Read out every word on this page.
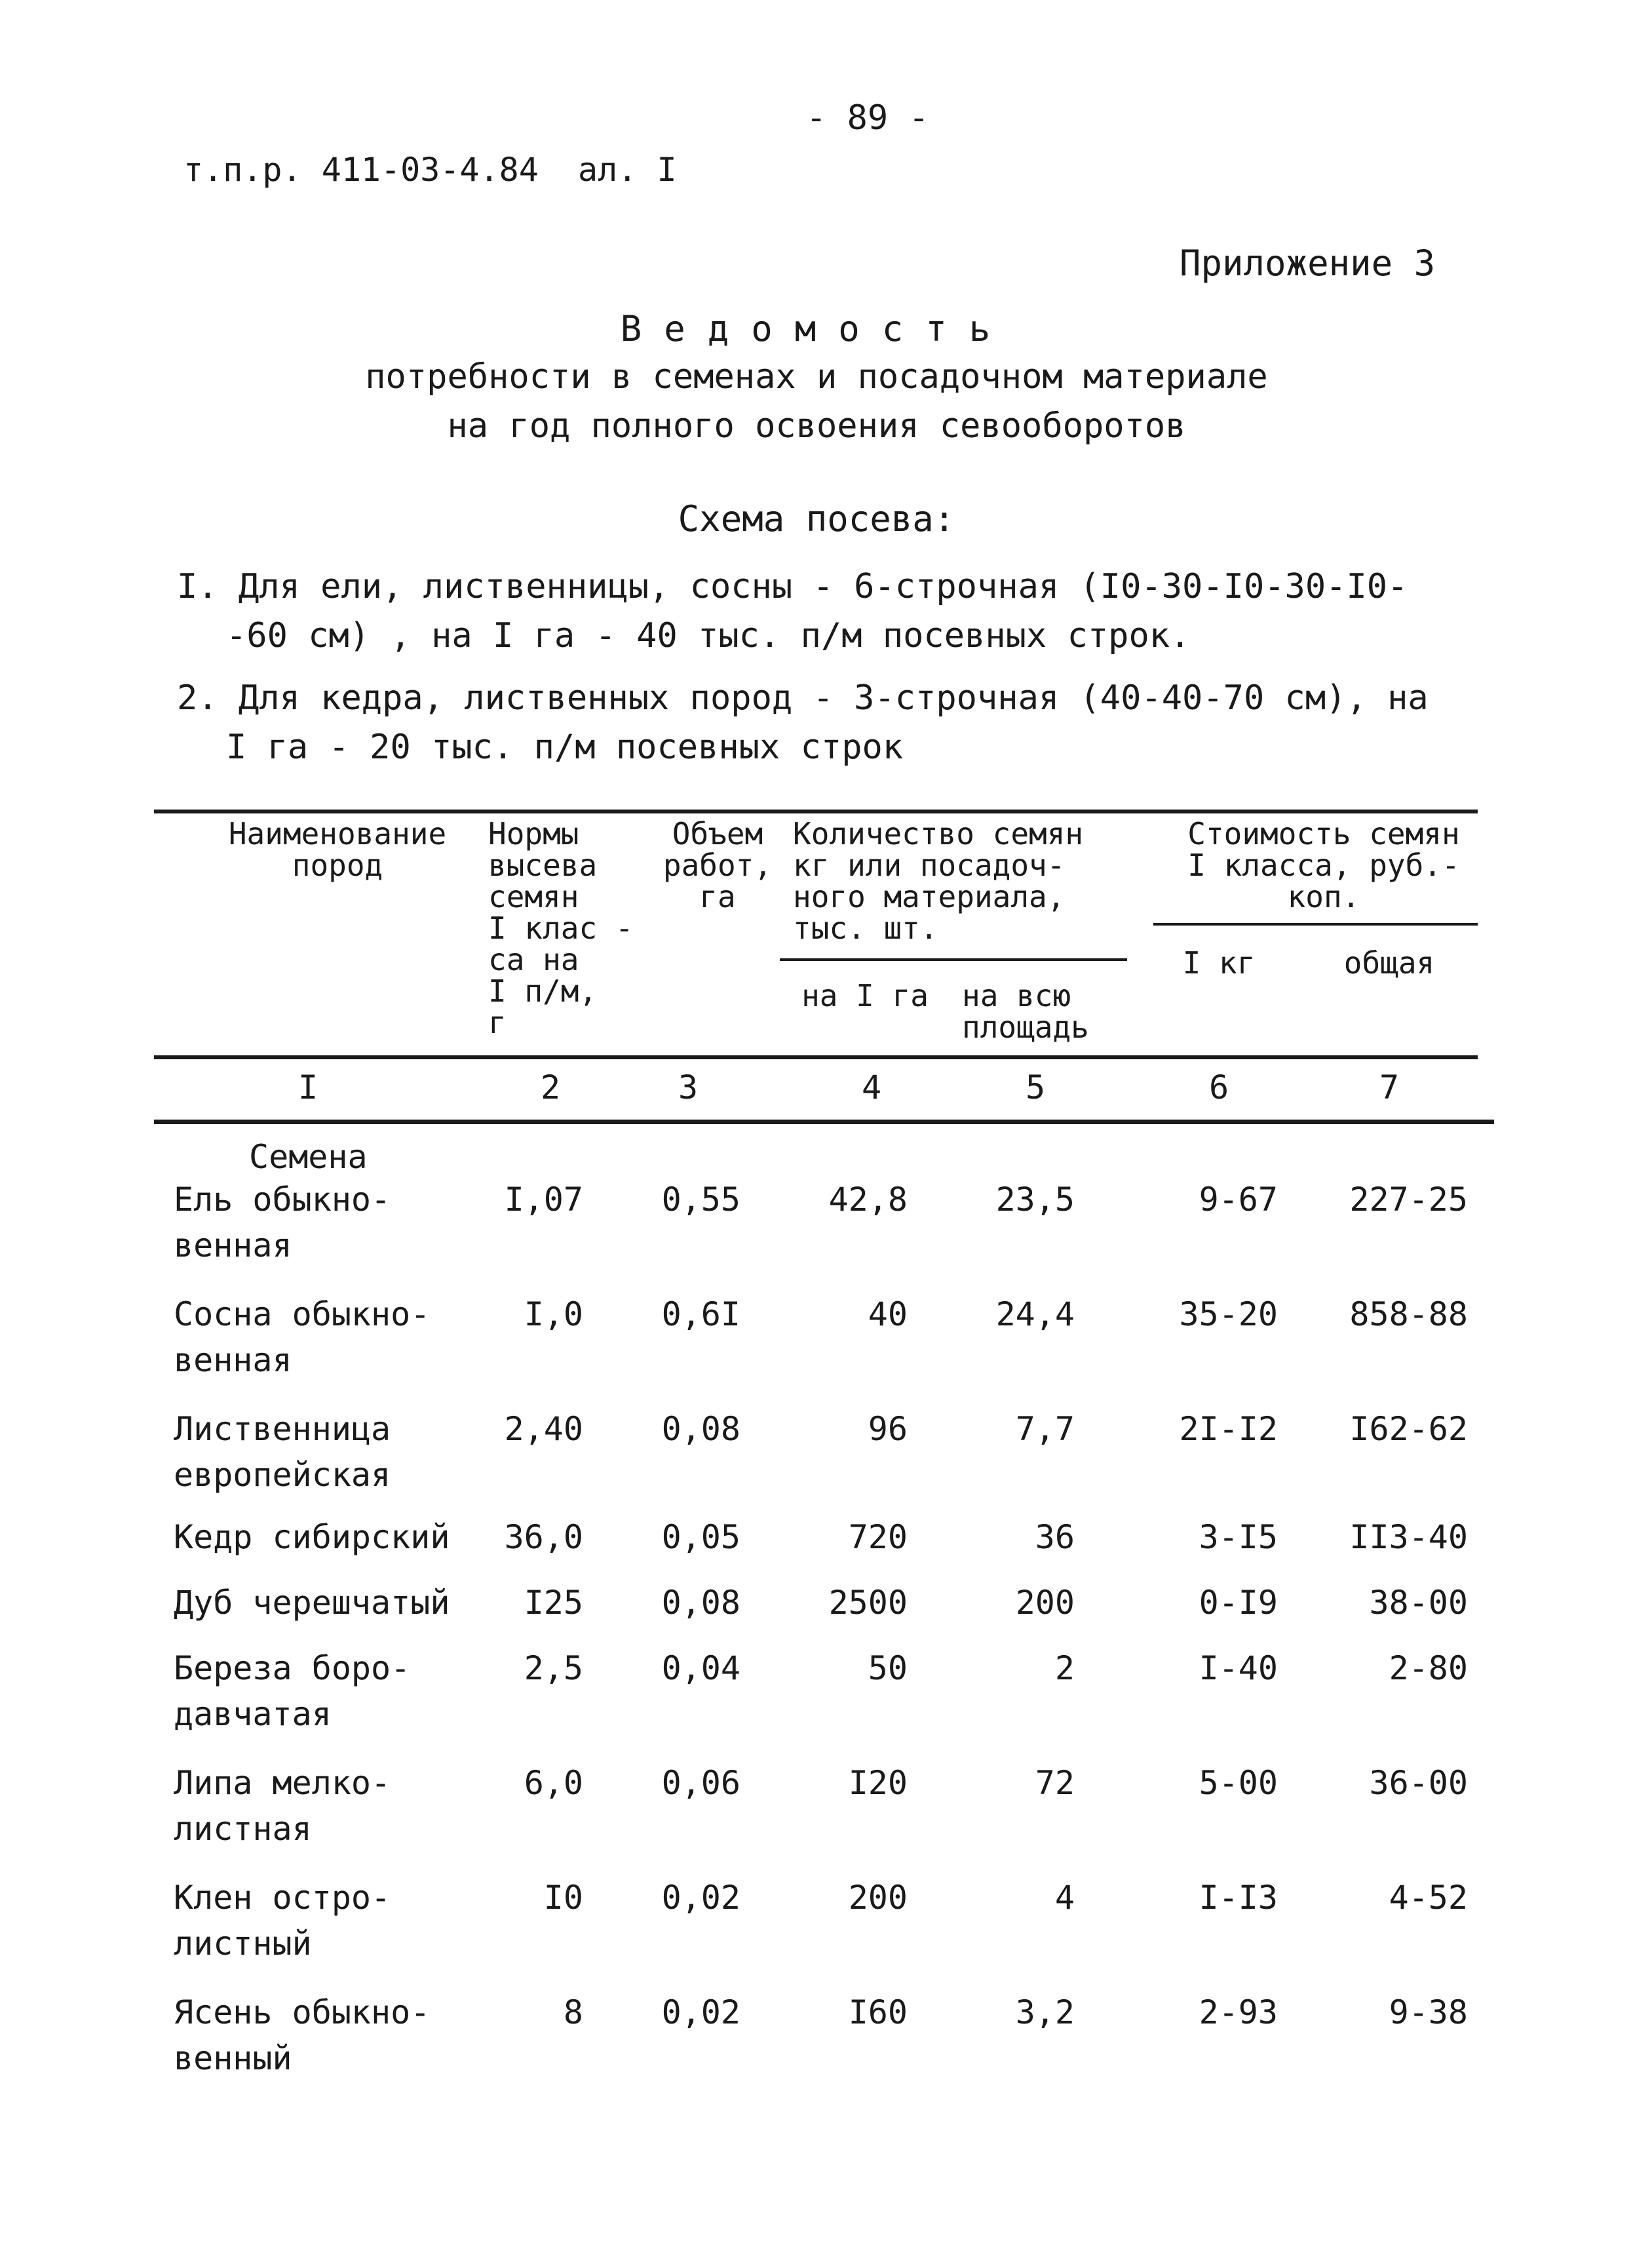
- 89 -
т.п.р. 411-03-4.84  ал. I
Приложение 3
Ведомость
потребности в семенах и посадочном материале
на год полного освоения севооборотов
Схема посева:
I. Для ели, лиственницы, сосны - 6-строчная (I0-30-I0-30-I0-
-60 см) , на I га - 40 тыс. п/м посевных строк.
2. Для кедра, лиственных пород - 3-строчная (40-40-70 см), на
I га - 20 тыс. п/м посевных строк
Наименование
пород
Нормы
высева
семян
I клас -
са на
I п/м,
г
Объем
работ,
га
Количество семян
кг или посадоч-
ного материала,
тыс. шт.
на I га	на всю
площадь
Стоимость семян
I класса, руб.-
коп.
I кг	общая
I	2	3	4	5	6	7
Семена
Ель обыкно-
венная
I,07	0,55	42,8	23,5	9-67	227-25
Сосна обыкно-
венная
I,0	0,6I	40	24,4	35-20	858-88
Лиственница
европейская
2,40	0,08	96	7,7	2I-I2	I62-62
Кедр сибирский	36,0	0,05	720	36	3-I5	II3-40
Дуб черешчатый	I25	0,08	2500	200	0-I9	38-00
Береза боро-
давчатая
2,5	0,04	50	2	I-40	2-80
Липа мелко-
листная
6,0	0,06	I20	72	5-00	36-00
Клен остро-
листный
I0	0,02	200	4	I-I3	4-52
Ясень обыкно-
венный
8	0,02	I60	3,2	2-93	9-38
